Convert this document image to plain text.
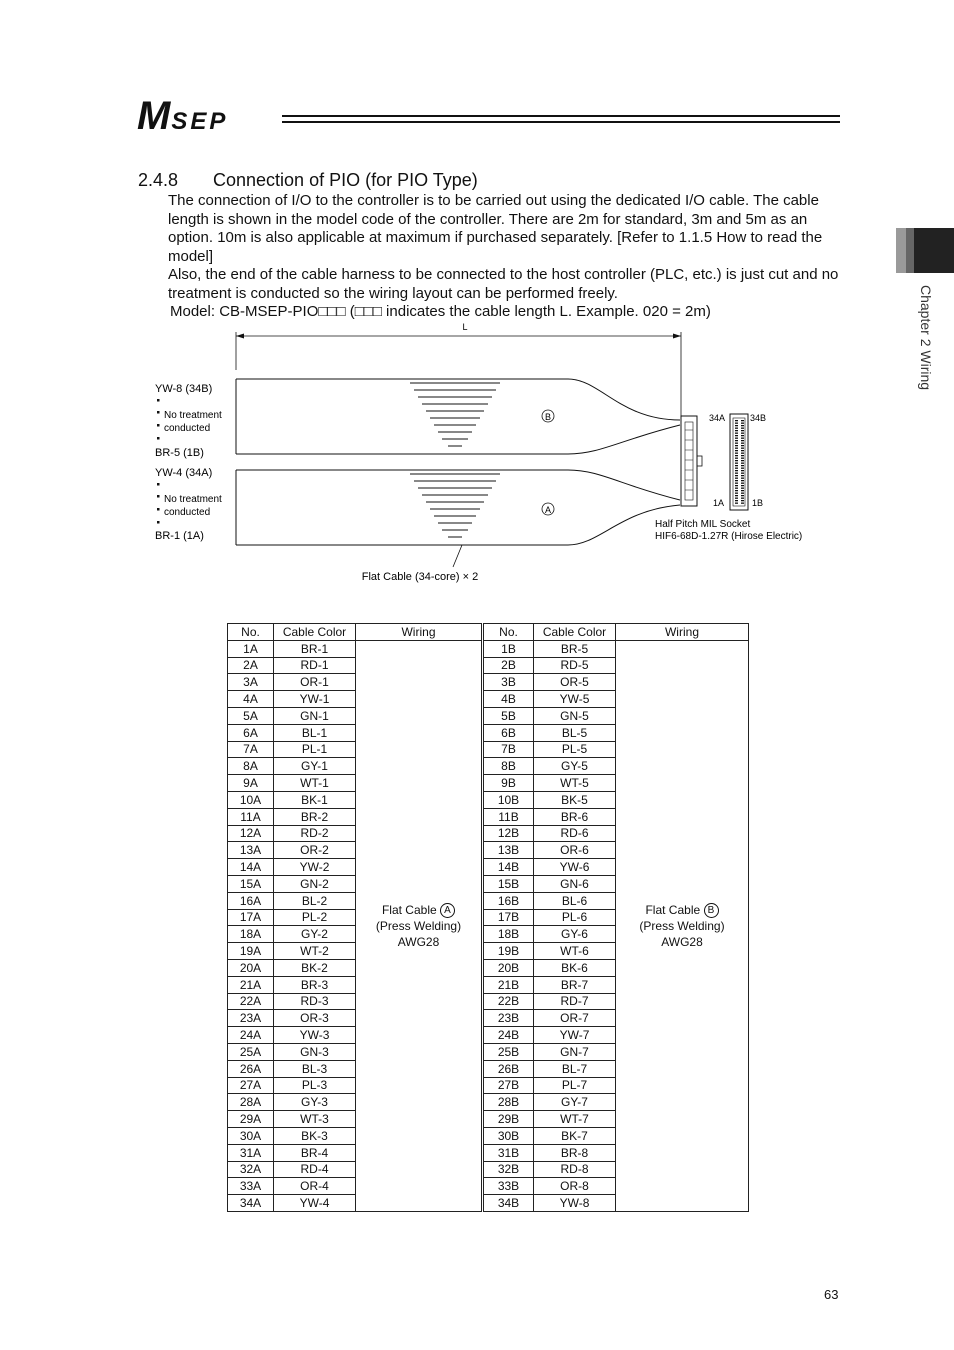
MSEP
Chapter 2 Wiring
2.4.8 Connection of PIO (for PIO Type)

The connection of I/O to the controller is to be carried out using the dedicated I/O cable. The cable length is shown in the model code of the controller. There are 2m for standard, 3m and 5m as an option. 10m is also applicable at maximum if purchased separately. [Refer to 1.1.5 How to read the model]

Also, the end of the cable harness to be connected to the host controller (PLC, etc.) is just cut and no treatment is conducted so the wiring layout can be performed freely.

Model: CB-MSEP-PIO□□□ (□□□ indicates the cable length L. Example. 020 = 2m)
L
Flat Cable (34-core) × 2
B
A
YW-8 (34B)
No treatment
conducted
BR-5 (1B)
YW-4 (34A)
No treatment
conducted
BR-1 (1A)
34A	34B
1A	1B
Half Pitch MIL Socket
HIF6-68D-1.27R (Hirose Electric)
No.	Cable Color	Wiring
1A	BR-1	Flat Cable A
(Press Welding)
AWG28
2A	RD-1	
3A	OR-1	
4A	YW-1	
5A	GN-1	
6A	BL-1	
7A	PL-1	
8A	GY-1	
9A	WT-1	
10A	BK-1	
11A	BR-2	
12A	RD-2	
13A	OR-2	
14A	YW-2	
15A	GN-2	
16A	BL-2	
17A	PL-2	
18A	GY-2	
19A	WT-2	
20A	BK-2	
21A	BR-3	
22A	RD-3	
23A	OR-3	
24A	YW-3	
25A	GN-3	
26A	BL-3	
27A	PL-3	
28A	GY-3	
29A	WT-3	
30A	BK-3	
31A	BR-4	
32A	RD-4	
33A	OR-4	
34A	YW-4	
No.	Cable Color	Wiring
1B	BR-5	Flat Cable B
(Press Welding)
AWG28
2B	RD-5	
3B	OR-5	
4B	YW-5	
5B	GN-5	
6B	BL-5	
7B	PL-5	
8B	GY-5	
9B	WT-5	
10B	BK-5	
11B	BR-6	
12B	RD-6	
13B	OR-6	
14B	YW-6	
15B	GN-6	
16B	BL-6	
17B	PL-6	
18B	GY-6	
19B	WT-6	
20B	BK-6	
21B	BR-7	
22B	RD-7	
23B	OR-7	
24B	YW-7	
25B	GN-7	
26B	BL-7	
27B	PL-7	
28B	GY-7	
29B	WT-7	
30B	BK-7	
31B	BR-8	
32B	RD-8	
33B	OR-8	
34B	YW-8	
63
